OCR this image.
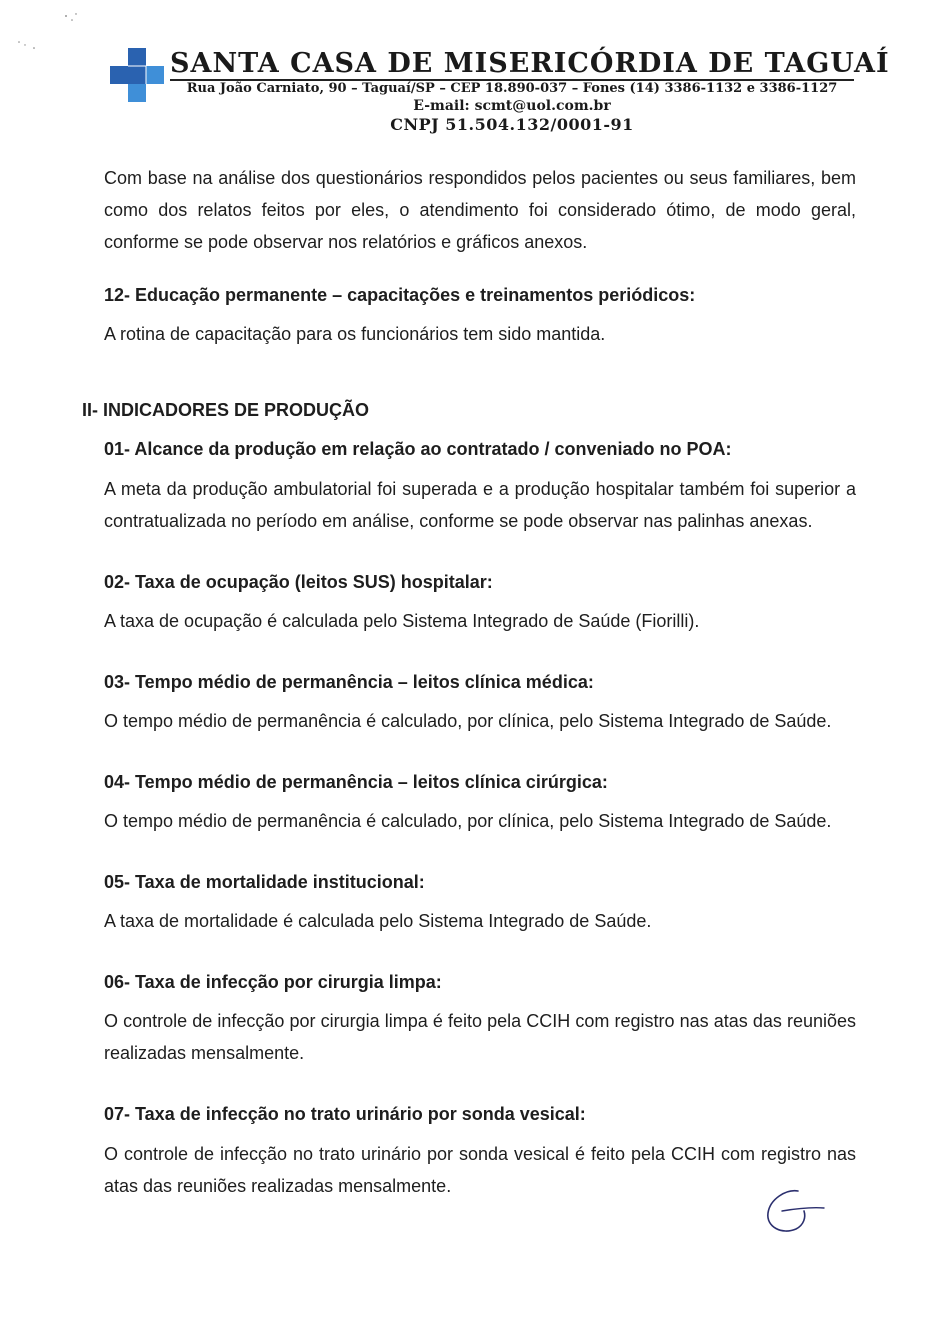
SANTA CASA DE MISERICÓRDIA DE TAGUAÍ
Rua João Carniato, 90 – Taguaí/SP – CEP 18.890-037 – Fones (14) 3386-1132 e 3386-1127
E-mail: scmt@uol.com.br
CNPJ 51.504.132/0001-91

Com base na análise dos questionários respondidos pelos pacientes ou seus familiares, bem como dos relatos feitos por eles, o atendimento foi considerado ótimo, de modo geral, conforme se pode observar nos relatórios e gráficos anexos.

12- Educação permanente – capacitações e treinamentos periódicos:

A rotina de capacitação para os funcionários tem sido mantida.

II- INDICADORES DE PRODUÇÃO
01- Alcance da produção em relação ao contratado / conveniado no POA:

A meta da produção ambulatorial foi superada e a produção hospitalar também foi superior a contratualizada no período em análise, conforme se pode observar nas palinhas anexas.

02- Taxa de ocupação (leitos SUS) hospitalar:

A taxa de ocupação é calculada pelo Sistema Integrado de Saúde (Fiorilli).

03- Tempo médio de permanência – leitos clínica médica:

O tempo médio de permanência é calculado, por clínica, pelo Sistema Integrado de Saúde.

04- Tempo médio de permanência – leitos clínica cirúrgica:

O tempo médio de permanência é calculado, por clínica, pelo Sistema Integrado de Saúde.

05- Taxa de mortalidade institucional:

A taxa de mortalidade é calculada pelo Sistema Integrado de Saúde.

06- Taxa de infecção por cirurgia limpa:

O controle de infecção por cirurgia limpa é feito pela CCIH com registro nas atas das reuniões realizadas mensalmente.

07- Taxa de infecção no trato urinário por sonda vesical:

O controle de infecção no trato urinário por sonda vesical é feito pela CCIH com registro nas atas das reuniões realizadas mensalmente.
